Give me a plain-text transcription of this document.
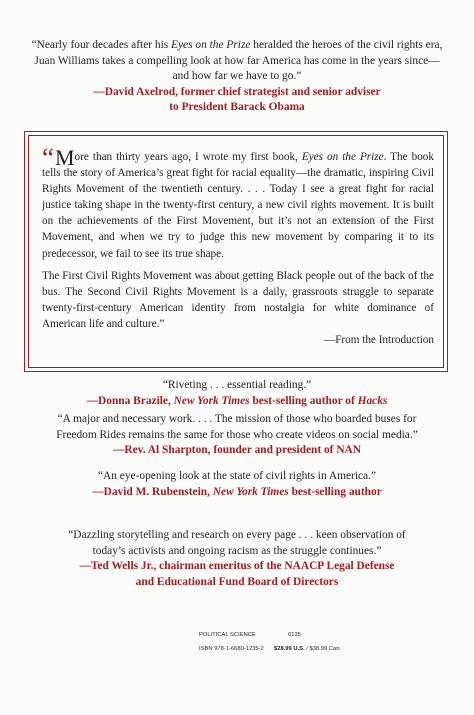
“Nearly four decades after his Eyes on the Prize heralded the heroes of the civil rights era,
Juan Williams takes a compelling look at how far America has come in the years since—
and how far we have to go.”
—David Axelrod, former chief strategist and senior adviser
to President Barack Obama

“More than thirty years ago, I wrote my first book, Eyes on the Prize. The book tells the story of America’s great fight for racial equality—the dramatic, inspiring Civil Rights Movement of the twentieth century. . . . Today I see a great fight for racial justice taking shape in the twenty-first century, a new civil rights movement. It is built on the achievements of the First Movement, but it’s not an extension of the First Movement, and when we try to judge this new movement by comparing it to its predecessor, we fail to see its true shape.

The First Civil Rights Movement was about getting Black people out of the back of the bus. The Second Civil Rights Movement is a daily, grassroots struggle to separate twenty-first-century American identity from nostalgia for white dominance of American life and culture.”
—From the Introduction

“Riveting . . . essential reading.”
—Donna Brazile, New York Times best-selling author of Hacks
“A major and necessary work. . . . The mission of those who boarded buses for
Freedom Rides remains the same for those who create videos on social media.”
—Rev. Al Sharpton, founder and president of NAN
“An eye-opening look at the state of civil rights in America.”
—David M. Rubenstein, New York Times best-selling author
“Dazzling storytelling and research on every page . . . keen observation of
today’s activists and ongoing racism as the struggle continues.”
—Ted Wells Jr., chairman emeritus of the NAACP Legal Defense
and Educational Fund Board of Directors
POLITICAL SCIENCE	0125
ISBN 978-1-6680-1235-2 $28.99 U.S. / $38.99 Can.
